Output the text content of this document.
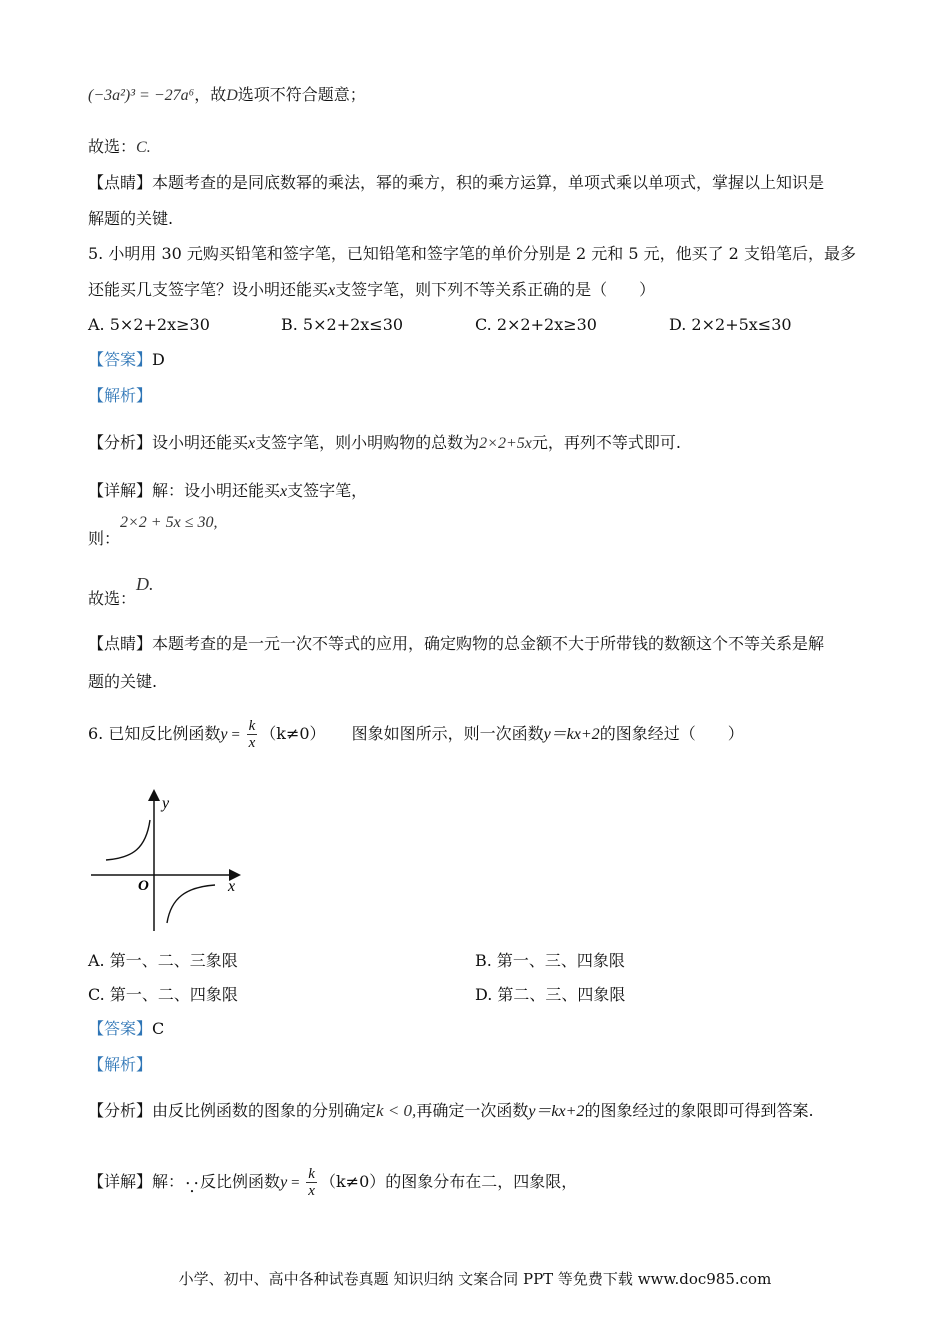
(−3a²)³ = −27a⁶，故D选项不符合题意；
故选：C.
【点睛】本题考查的是同底数幂的乘法，幂的乘方，积的乘方运算，单项式乘以单项式，掌握以上知识是
解题的关键.
5. 小明用 30 元购买铅笔和签字笔，已知铅笔和签字笔的单价分别是 2 元和 5 元，他买了 2 支铅笔后，最多
还能买几支签字笔？设小明还能买x支签字笔，则下列不等关系正确的是（　　）
A. 5×2+2x≥30	B. 5×2+2x≤30	C. 2×2+2x≥30	D. 2×2+5x≤30
【答案】D
【解析】
【分析】设小明还能买x支签字笔，则小明购物的总数为2×2+5x元，再列不等式即可.
【详解】解：设小明还能买x支签字笔，
2×2 + 5x ≤ 30,
则：
故选：D.
【点睛】本题考查的是一元一次不等式的应用，确定购物的总金额不大于所带钱的数额这个不等关系是解
题的关键.
6. 已知反比例函数$y = \frac{k}{x} (k\ne 0)$ 图象如图所示，则一次函数y＝kx+2的图象经过（　　）
y
x
O
A. 第一、二、三象限	B. 第一、三、四象限
C. 第一、二、四象限	D. 第二、三、四象限
【答案】C
【解析】
【分析】由反比例函数的图象的分别确定k < 0,再确定一次函数y＝kx+2的图象经过的象限即可得到答案.
【详解】解：∵反比例函数$y = \frac{k}{x} (k\ne 0)$的图象分布在二，四象限，
小学、初中、高中各种试卷真题 知识归纳 文案合同 PPT 等免费下载 www.doc985.com
